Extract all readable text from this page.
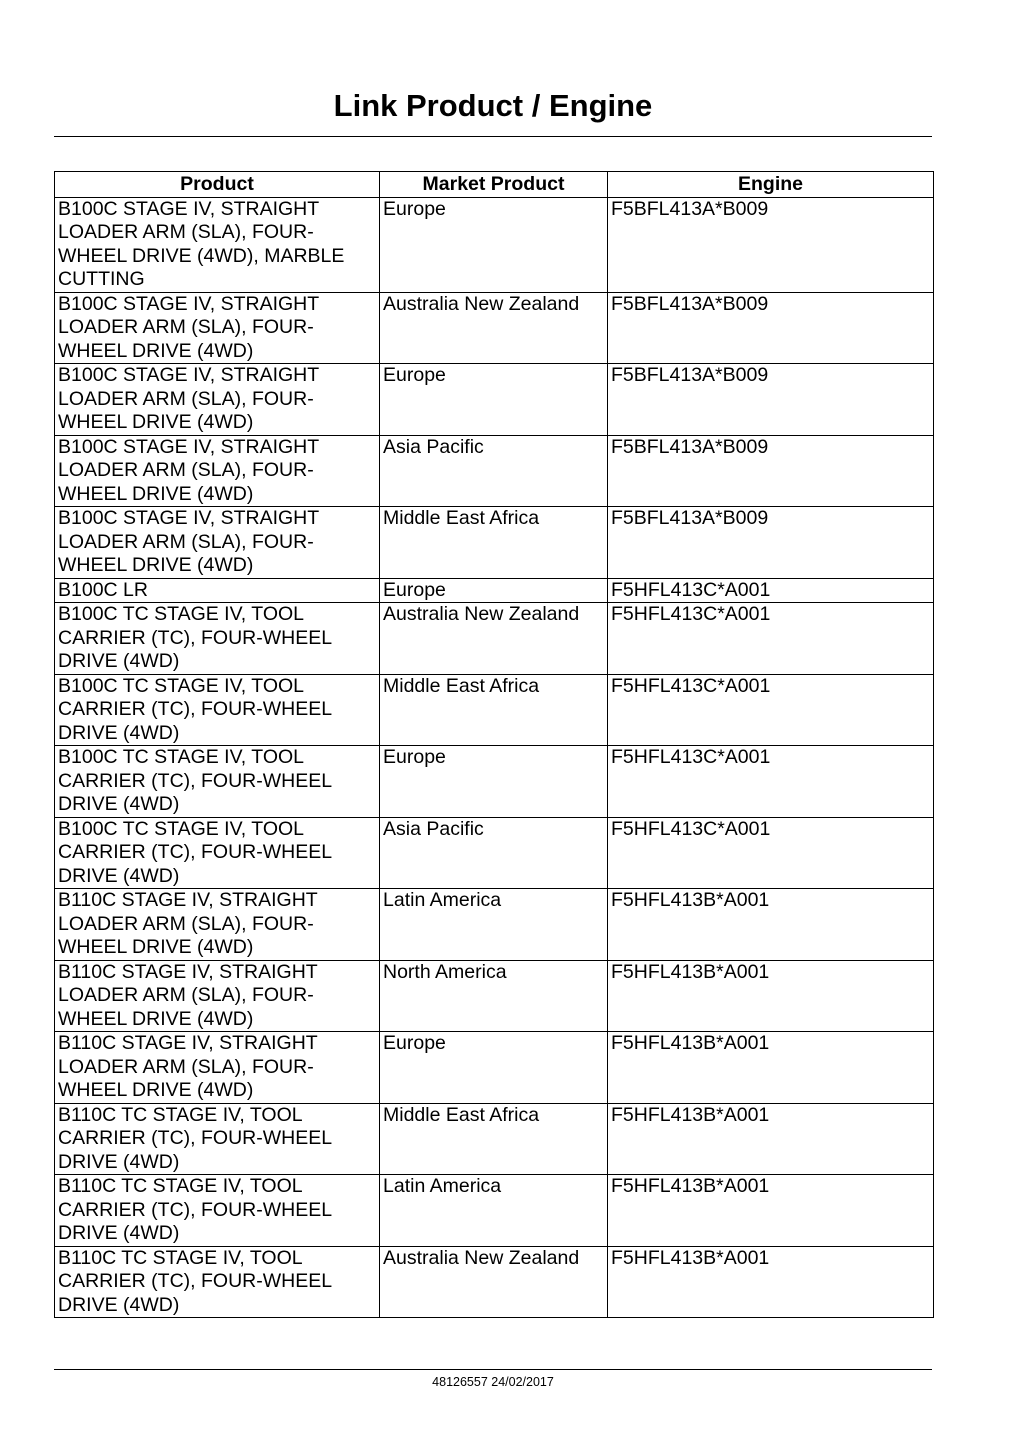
Link Product / Engine
Product	Market Product	Engine
B100C STAGE IV, STRAIGHT LOADER ARM (SLA), FOUR-WHEEL DRIVE (4WD), MARBLE CUTTING	Europe	F5BFL413A*B009
B100C STAGE IV, STRAIGHT LOADER ARM (SLA), FOUR-WHEEL DRIVE (4WD)	Australia New Zealand	F5BFL413A*B009
B100C STAGE IV, STRAIGHT LOADER ARM (SLA), FOUR-WHEEL DRIVE (4WD)	Europe	F5BFL413A*B009
B100C STAGE IV, STRAIGHT LOADER ARM (SLA), FOUR-WHEEL DRIVE (4WD)	Asia Pacific	F5BFL413A*B009
B100C STAGE IV, STRAIGHT LOADER ARM (SLA), FOUR-WHEEL DRIVE (4WD)	Middle East Africa	F5BFL413A*B009
B100C LR	Europe	F5HFL413C*A001
B100C TC STAGE IV, TOOL CARRIER (TC), FOUR-WHEEL DRIVE (4WD)	Australia New Zealand	F5HFL413C*A001
B100C TC STAGE IV, TOOL CARRIER (TC), FOUR-WHEEL DRIVE (4WD)	Middle East Africa	F5HFL413C*A001
B100C TC STAGE IV, TOOL CARRIER (TC), FOUR-WHEEL DRIVE (4WD)	Europe	F5HFL413C*A001
B100C TC STAGE IV, TOOL CARRIER (TC), FOUR-WHEEL DRIVE (4WD)	Asia Pacific	F5HFL413C*A001
B110C STAGE IV, STRAIGHT LOADER ARM (SLA), FOUR-WHEEL DRIVE (4WD)	Latin America	F5HFL413B*A001
B110C STAGE IV, STRAIGHT LOADER ARM (SLA), FOUR-WHEEL DRIVE (4WD)	North America	F5HFL413B*A001
B110C STAGE IV, STRAIGHT LOADER ARM (SLA), FOUR-WHEEL DRIVE (4WD)	Europe	F5HFL413B*A001
B110C TC STAGE IV, TOOL CARRIER (TC), FOUR-WHEEL DRIVE (4WD)	Middle East Africa	F5HFL413B*A001
B110C TC STAGE IV, TOOL CARRIER (TC), FOUR-WHEEL DRIVE (4WD)	Latin America	F5HFL413B*A001
B110C TC STAGE IV, TOOL CARRIER (TC), FOUR-WHEEL DRIVE (4WD)	Australia New Zealand	F5HFL413B*A001
48126557 24/02/2017
